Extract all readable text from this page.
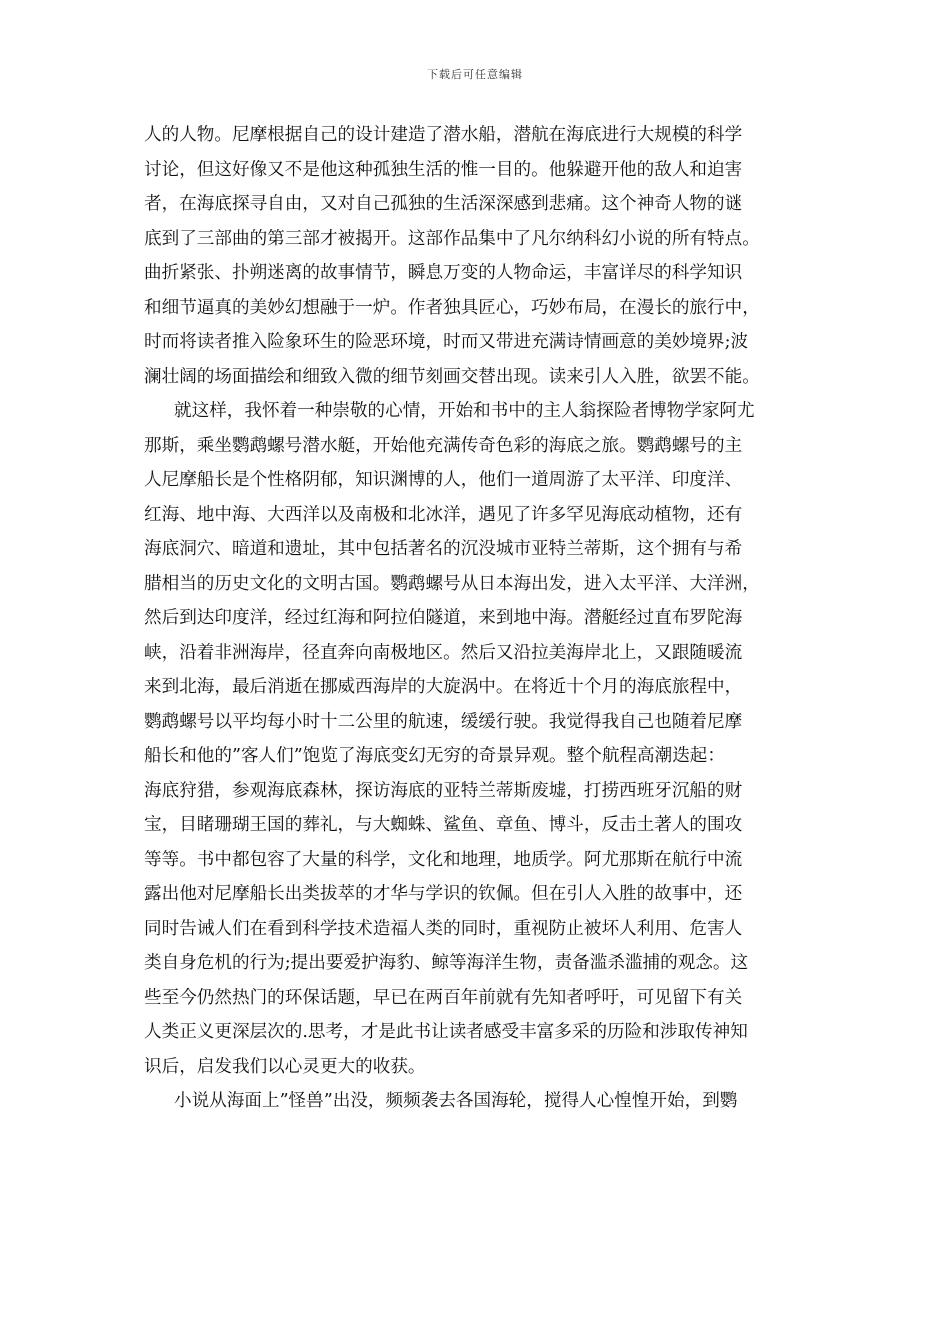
下载后可任意编辑
人的人物。尼摩根据自己的设计建造了潜水船，潜航在海底进行大规模的科学
讨论，但这好像又不是他这种孤独生活的惟一目的。他躲避开他的敌人和迫害
者，在海底探寻自由，又对自己孤独的生活深深感到悲痛。这个神奇人物的谜
底到了三部曲的第三部才被揭开。这部作品集中了凡尔纳科幻小说的所有特点。
曲折紧张、扑朔迷离的故事情节，瞬息万变的人物命运，丰富详尽的科学知识
和细节逼真的美妙幻想融于一炉。作者独具匠心，巧妙布局，在漫长的旅行中，
时而将读者推入险象环生的险恶环境，时而又带进充满诗情画意的美妙境界;波
澜壮阔的场面描绘和细致入微的细节刻画交替出现。读来引人入胜，欲罢不能。
就这样，我怀着一种崇敬的心情，开始和书中的主人翁探险者博物学家阿尤
那斯，乘坐鹦鹉螺号潜水艇，开始他充满传奇色彩的海底之旅。鹦鹉螺号的主
人尼摩船长是个性格阴郁，知识渊博的人，他们一道周游了太平洋、印度洋、
红海、地中海、大西洋以及南极和北冰洋，遇见了许多罕见海底动植物，还有
海底洞穴、暗道和遗址，其中包括著名的沉没城市亚特兰蒂斯，这个拥有与希
腊相当的历史文化的文明古国。鹦鹉螺号从日本海出发，进入太平洋、大洋洲，
然后到达印度洋，经过红海和阿拉伯隧道，来到地中海。潜艇经过直布罗陀海
峡，沿着非洲海岸，径直奔向南极地区。然后又沿拉美海岸北上，又跟随暖流
来到北海，最后消逝在挪威西海岸的大旋涡中。在将近十个月的海底旅程中，
鹦鹉螺号以平均每小时十二公里的航速，缓缓行驶。我觉得我自己也随着尼摩
船长和他的”客人们”饱览了海底变幻无穷的奇景异观。整个航程高潮迭起：
海底狩猎，参观海底森林，探访海底的亚特兰蒂斯废墟，打捞西班牙沉船的财
宝，目睹珊瑚王国的葬礼，与大蜘蛛、鲨鱼、章鱼、博斗，反击土著人的围攻
等等。书中都包容了大量的科学，文化和地理，地质学。阿尤那斯在航行中流
露出他对尼摩船长出类拔萃的才华与学识的钦佩。但在引人入胜的故事中，还
同时告诫人们在看到科学技术造福人类的同时，重视防止被坏人利用、危害人
类自身危机的行为;提出要爱护海豹、鲸等海洋生物，责备滥杀滥捕的观念。这
些至今仍然热门的环保话题，早已在两百年前就有先知者呼吁，可见留下有关
人类正义更深层次的.思考，才是此书让读者感受丰富多采的历险和涉取传神知
识后，启发我们以心灵更大的收获。
小说从海面上”怪兽”出没，频频袭去各国海轮，搅得人心惶惶开始，到鹦
